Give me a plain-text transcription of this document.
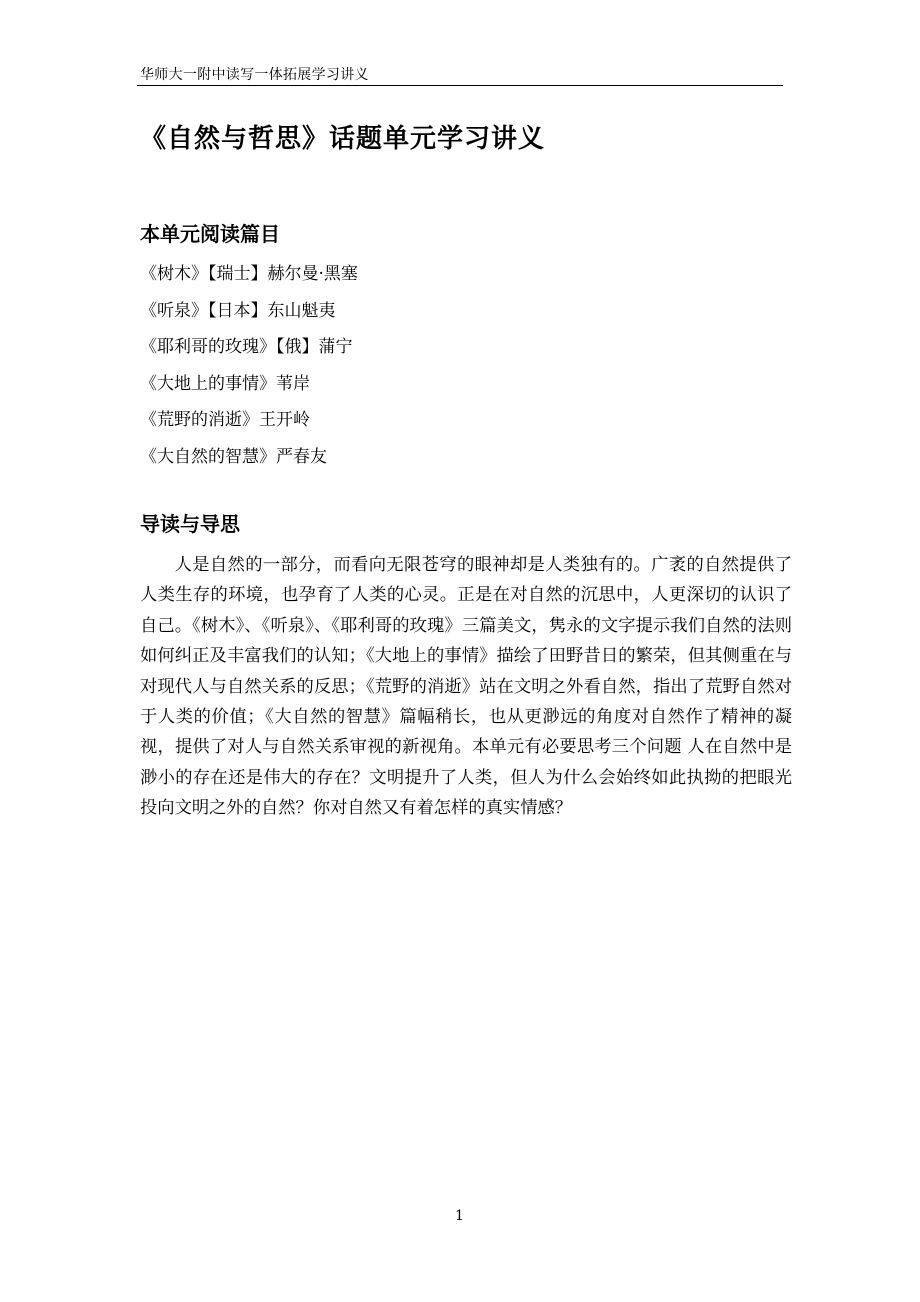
华师大一附中读写一体拓展学习讲义
《自然与哲思》话题单元学习讲义
本单元阅读篇目
《树木》【瑞士】赫尔曼·黑塞
《听泉》【日本】东山魁夷
《耶利哥的玫瑰》【俄】蒲宁
《大地上的事情》苇岸
《荒野的消逝》王开岭
《大自然的智慧》严春友
导读与导思

人是自然的一部分，而看向无限苍穹的眼神却是人类独有的。广袤的自然提供了人类生存的环境，也孕育了人类的心灵。正是在对自然的沉思中，人更深切的认识了自己。《树木》、《听泉》、《耶利哥的玫瑰》三篇美文，隽永的文字提示我们自然的法则如何纠正及丰富我们的认知；《大地上的事情》描绘了田野昔日的繁荣，但其侧重在与对现代人与自然关系的反思；《荒野的消逝》站在文明之外看自然，指出了荒野自然对于人类的价值；《大自然的智慧》篇幅稍长，也从更渺远的角度对自然作了精神的凝视，提供了对人与自然关系审视的新视角。本单元有必要思考三个问题 人在自然中是渺小的存在还是伟大的存在？文明提升了人类，但人为什么会始终如此执拗的把眼光投向文明之外的自然？你对自然又有着怎样的真实情感？

1
